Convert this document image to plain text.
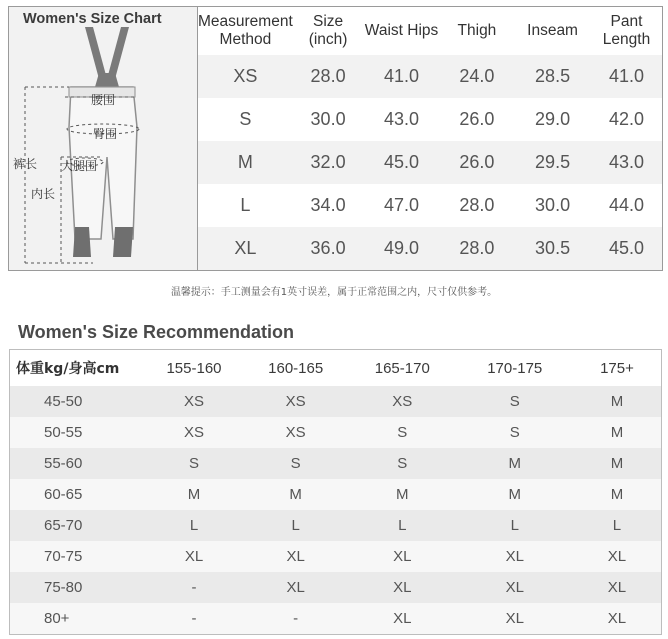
Women's Size Chart
腰围
臀围
大腿围
裤长
内长
Measurement Method	Size (inch)	Waist Hips	Thigh	Inseam	Pant Length
XS	28.0	41.0	24.0	28.5	41.0
S	30.0	43.0	26.0	29.0	42.0
M	32.0	45.0	26.0	29.5	43.0
L	34.0	47.0	28.0	30.0	44.0
XL	36.0	49.0	28.0	30.5	45.0
温馨提示：手工测量会有1英寸误差，属于正常范围之内，尺寸仅供参考。
Women's Size Recommendation
体重kg/身高cm	155-160	160-165	165-170	170-175	175+
45-50	XS	XS	XS	S	M
50-55	XS	XS	S	S	M
55-60	S	S	S	M	M
60-65	M	M	M	M	M
65-70	L	L	L	L	L
70-75	XL	XL	XL	XL	XL
75-80	-	XL	XL	XL	XL
80+	-	-	XL	XL	XL
